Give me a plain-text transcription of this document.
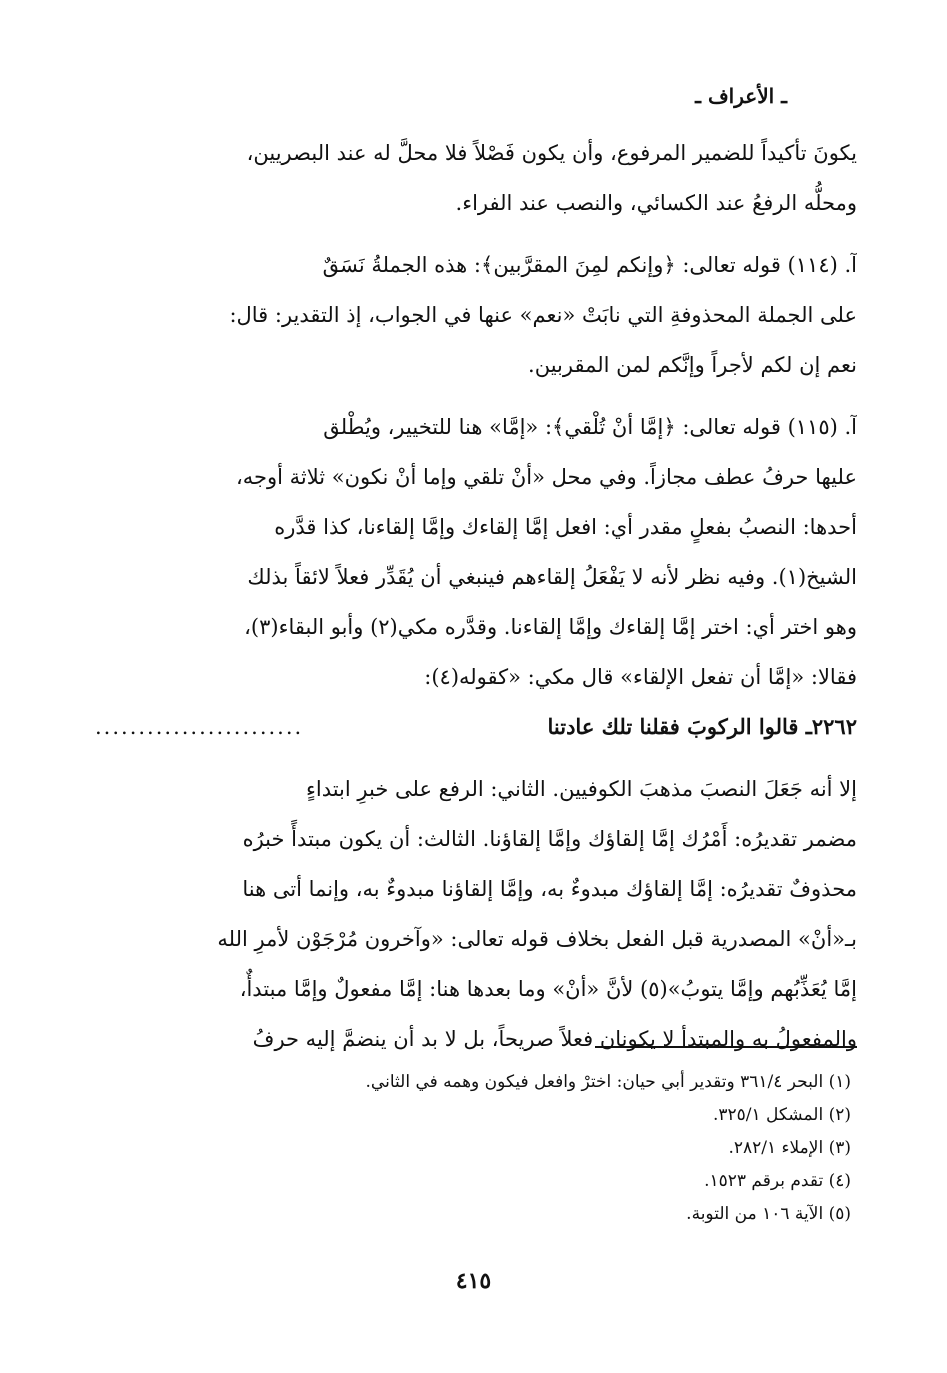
ـ الأعراف ـ
يكونَ تأكيداً للضمير المرفوع، وأن يكون فَصْلاً فلا محلَّ له عند البصريين،
ومحلُّه الرفعُ عند الكسائي، والنصب عند الفراء.
آ. (١١٤) قوله تعالى: ﴿وإنكم لمِنَ المقرَّبين﴾: هذه الجملةُ نَسَقٌ
على الجملة المحذوفةِ التي نابَتْ «نعم» عنها في الجواب، إذ التقدير: قال:
نعم إن لكم لأجراً وإنَّكم لمن المقربين.
آ. (١١٥) قوله تعالى: ﴿إمَّا أنْ تُلْقي﴾: «إمَّا» هنا للتخيير، ويُطْلق
عليها حرفُ عطف مجازاً. وفي محل «أنْ تلقي وإما أنْ نكون» ثلاثة أوجه،
أحدها: النصبُ بفعلٍ مقدر أي: افعل إمَّا إلقاءك وإمَّا إلقاءنا، كذا قدَّره
الشيخ(١). وفيه نظر لأنه لا يَفْعَلُ إلقاءهم فينبغي أن يُقَدِّر فعلاً لائقاً بذلك
وهو اختر أي: اختر إمَّا إلقاءك وإمَّا إلقاءنا. وقدَّره مكي(٢) وأبو البقاء(٣)،
فقالا: «إمَّا أن تفعل الإلقاء» قال مكي: «كقوله(٤):
٢٢٦٢ـ قالوا الركوبَ فقلنا تلك عادتنا
........................
إلا أنه جَعَلَ النصبَ مذهبَ الكوفيين. الثاني: الرفع على خبرِ ابتداءٍ
مضمر تقديرُه: أَمْرُك إمَّا إلقاؤك وإمَّا إلقاؤنا. الثالث: أن يكون مبتدأً خبرُه
محذوفٌ تقديرُه: إمَّا إلقاؤك مبدوءٌ به، وإمَّا إلقاؤنا مبدوءٌ به، وإنما أتى هنا
بـ«أنْ» المصدرية قبل الفعل بخلاف قوله تعالى: «وآخرون مُرْجَوْن لأمرِ الله
إمَّا يُعَذِّبُهم وإمَّا يتوبُ»(٥) لأنَّ «أنْ» وما بعدها هنا: إمَّا مفعولٌ وإمَّا مبتدأٌ،
والمفعولُ به والمبتدأ لا يكونان فعلاً صريحاً، بل لا بد أن ينضمَّ إليه حرفُ
(١) البحر ٣٦١/٤ وتقدير أبي حيان: اخترْ وافعل فيكون وهمه في الثاني.
(٢) المشكل ٣٢٥/١.
(٣) الإملاء ٢٨٢/١.
(٤) تقدم برقم ١٥٢٣.
(٥) الآية ١٠٦ من التوبة.
٤١٥
